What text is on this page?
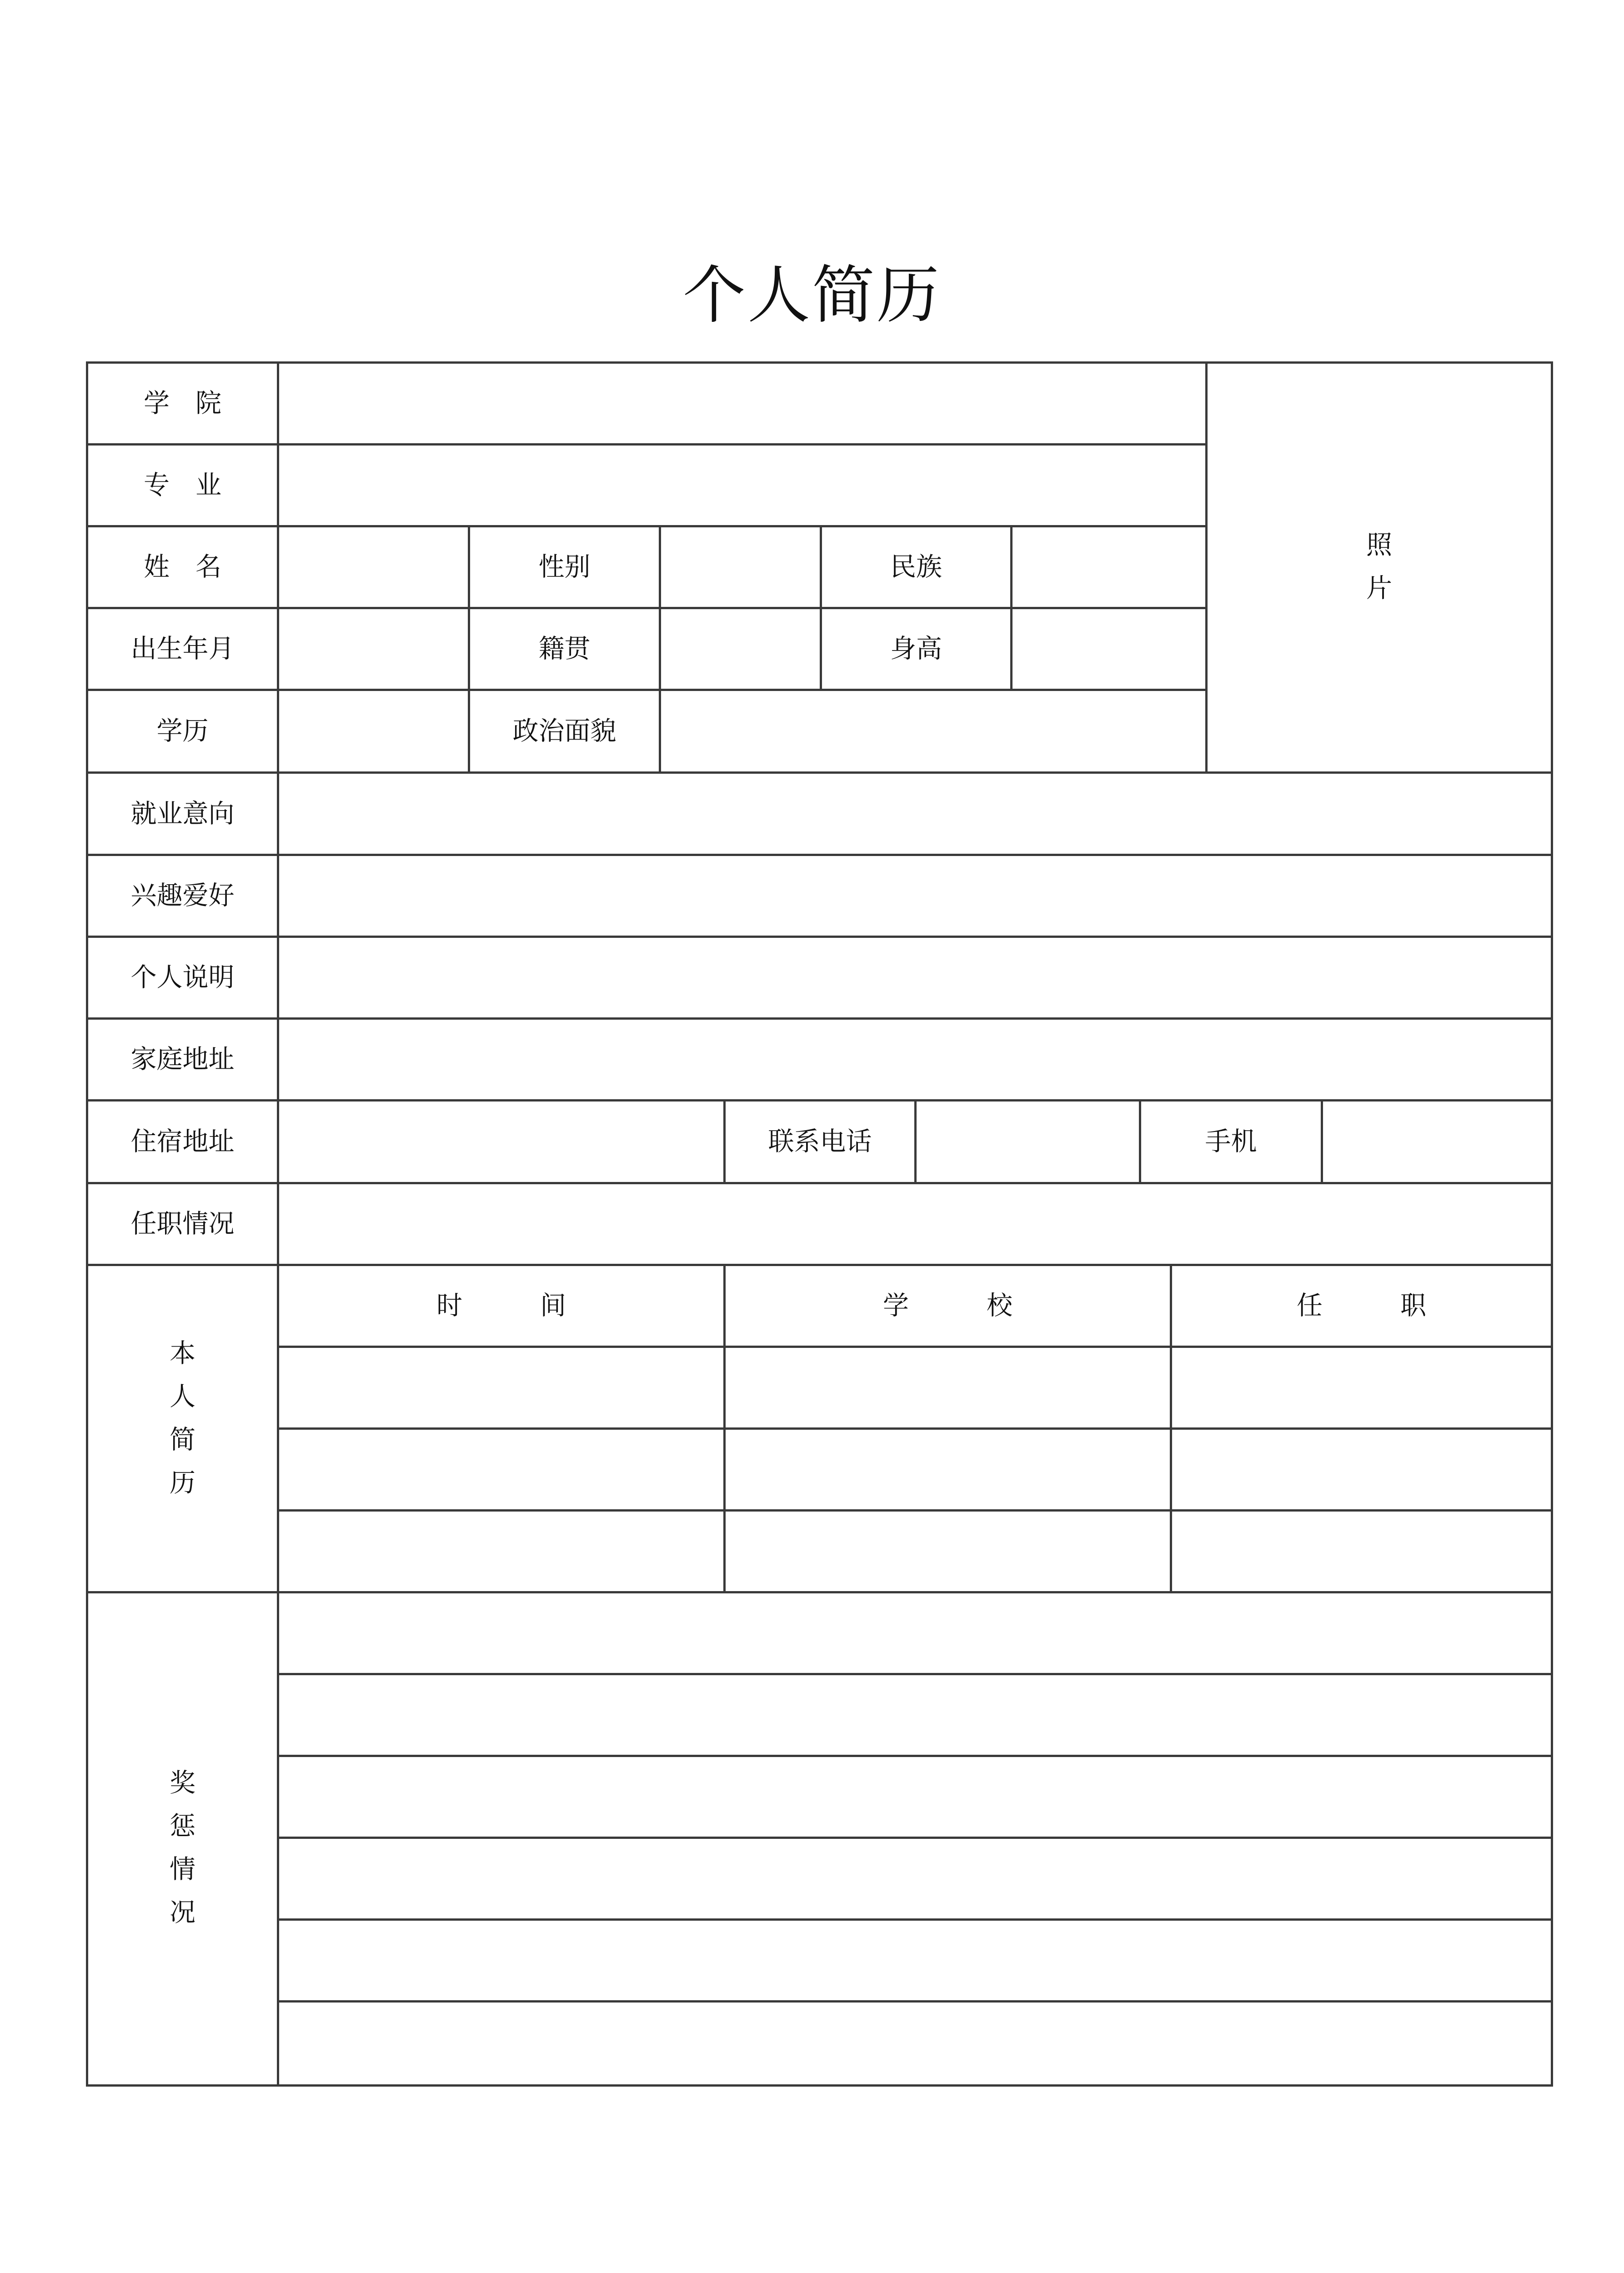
个人简历
学　院
专　业
姓　名	性别	民族
出生年月	籍贯	身高
学历	政治面貌
照
片
就业意向
兴趣爱好
个人说明
家庭地址
住宿地址	联系电话	手机
任职情况
时　　　间	学　　　校	任　　　职
本
人
简
历
奖
惩
情
况
